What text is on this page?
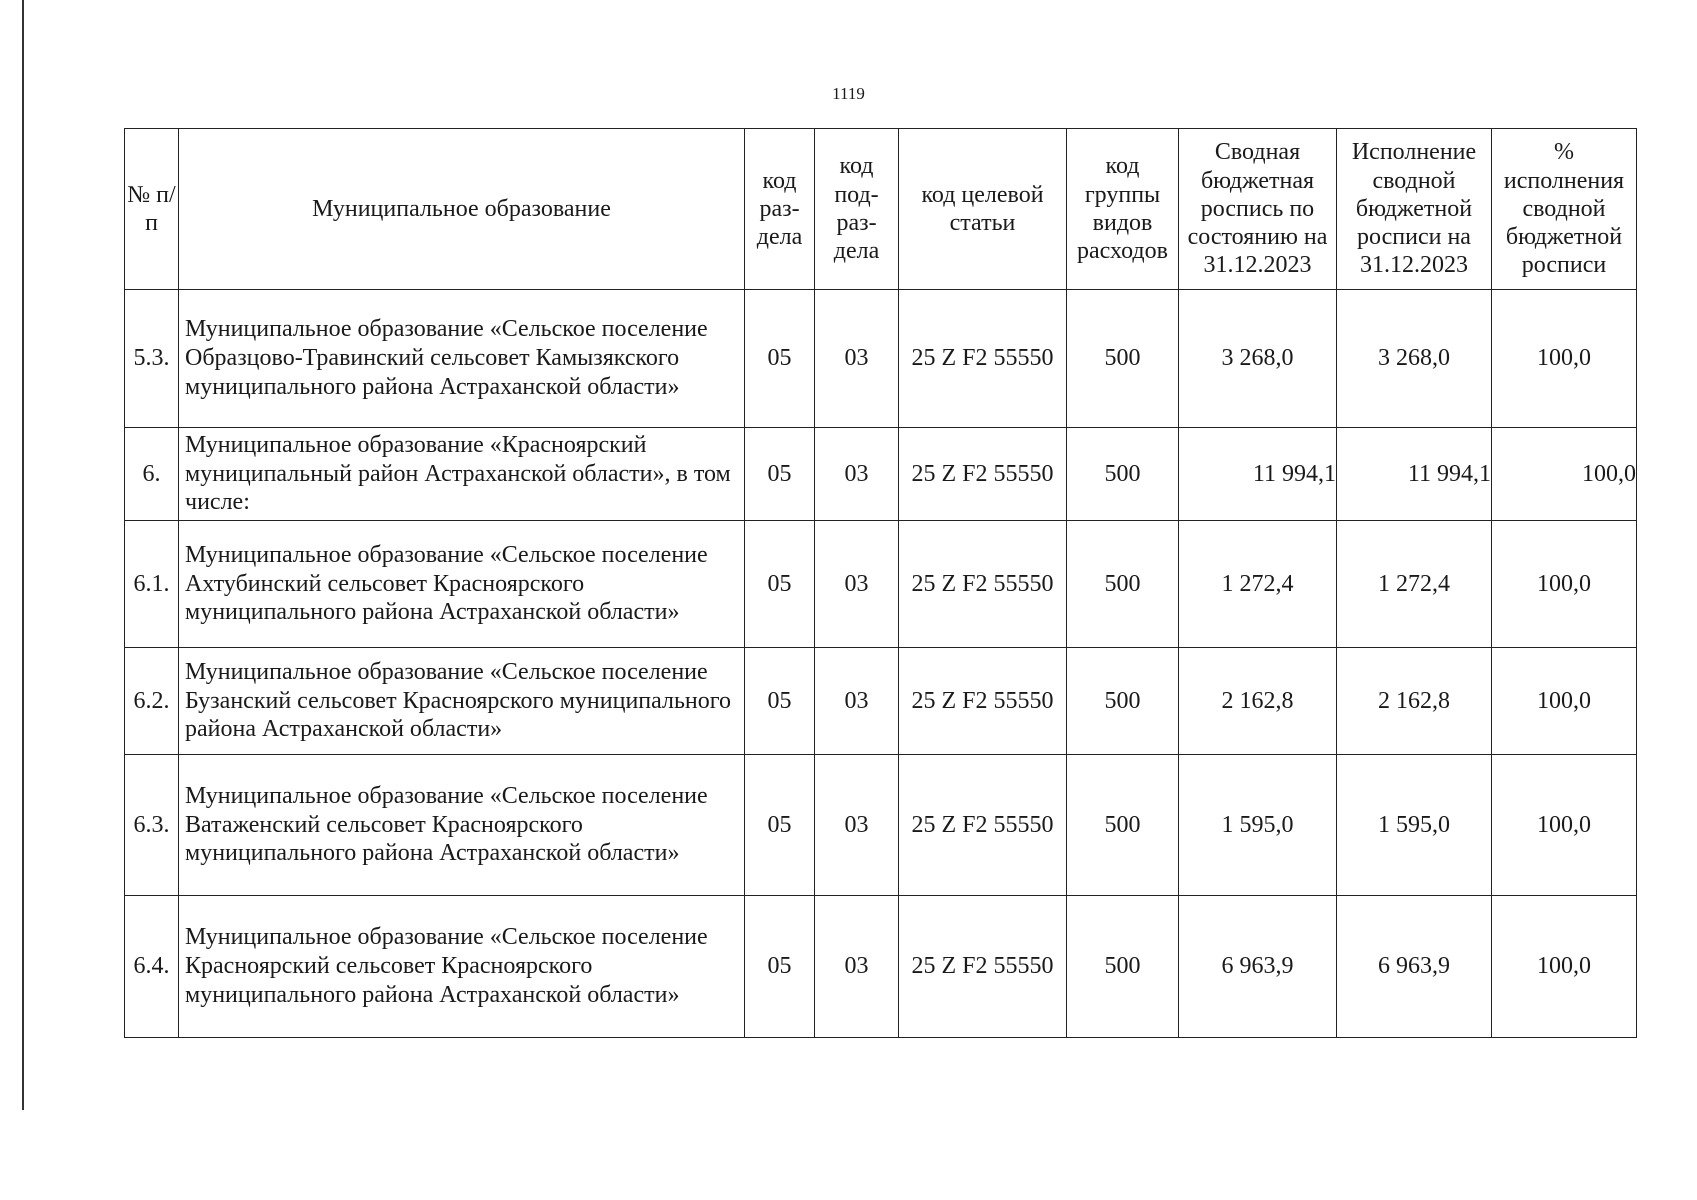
1119
№ п/п	Муниципальное образование	код раз-дела	код под-раз-дела	код целевой статьи	код группы видов расходов	Сводная бюджетная роспись по состоянию на 31.12.2023	Исполнение сводной бюджетной росписи на 31.12.2023	% исполнения сводной бюджетной росписи
5.3.	Муниципальное образование «Сельское поселение Образцово-Травинский сельсовет Камызякского муниципального района Астраханской области»	05	03	25 Z F2 55550	500	3 268,0	3 268,0	100,0
6.	Муниципальное образование «Красноярский муниципальный район Астраханской области», в том числе:	05	03	25 Z F2 55550	500	11 994,1	11 994,1	100,0
6.1.	Муниципальное образование «Сельское поселение Ахтубинский сельсовет Красноярского муниципального района Астраханской области»	05	03	25 Z F2 55550	500	1 272,4	1 272,4	100,0
6.2.	Муниципальное образование «Сельское поселение Бузанский сельсовет Красноярского муниципального района Астраханской области»	05	03	25 Z F2 55550	500	2 162,8	2 162,8	100,0
6.3.	Муниципальное образование «Сельское поселение Ватаженский сельсовет Красноярского муниципального района Астраханской области»	05	03	25 Z F2 55550	500	1 595,0	1 595,0	100,0
6.4.	Муниципальное образование «Сельское поселение Красноярский сельсовет Красноярского муниципального района Астраханской области»	05	03	25 Z F2 55550	500	6 963,9	6 963,9	100,0
